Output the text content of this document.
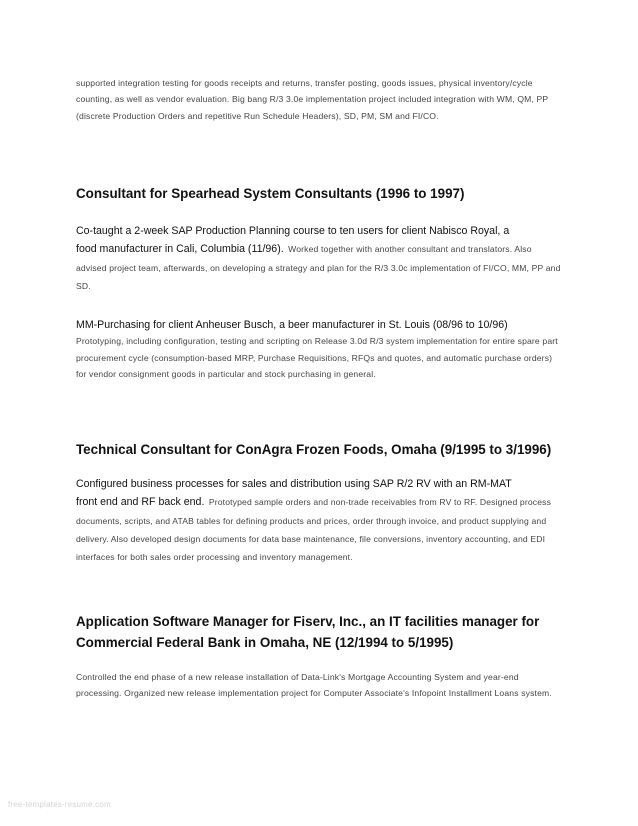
supported integration testing for goods receipts and returns, transfer posting, goods issues, physical inventory/cycle counting, as well as vendor evaluation. Big bang R/3 3.0e implementation project included integration with WM, QM, PP (discrete Production Orders and repetitive Run Schedule Headers), SD, PM, SM and FI/CO.

Consultant for Spearhead System Consultants (1996 to 1997)
Co-taught a 2-week SAP Production Planning course to ten users for client Nabisco Royal, a
food manufacturer in Cali, Columbia (11/96). Worked together with another consultant and translators. Also advised project team, afterwards, on developing a strategy and plan for the R/3 3.0c implementation of FI/CO, MM, PP and SD.
MM-Purchasing for client Anheuser Busch, a beer manufacturer in St. Louis (08/96 to 10/96)

Prototyping, including configuration, testing and scripting on Release 3.0d R/3 system implementation for entire spare part procurement cycle (consumption-based MRP, Purchase Requisitions, RFQs and quotes, and automatic purchase orders) for vendor consignment goods in particular and stock purchasing in general.

Technical Consultant for ConAgra Frozen Foods, Omaha (9/1995 to 3/1996)
Configured business processes for sales and distribution using SAP R/2 RV with an RM-MAT
front end and RF back end. Prototyped sample orders and non-trade receivables from RV to RF. Designed process documents, scripts, and ATAB tables for defining products and prices, order through invoice, and product supplying and delivery. Also developed design documents for data base maintenance, file conversions, inventory accounting, and EDI interfaces for both sales order processing and inventory management.
Application Software Manager for Fiserv, Inc., an IT facilities manager for Commercial Federal Bank in Omaha, NE (12/1994 to 5/1995)

Controlled the end phase of a new release installation of Data-Link's Mortgage Accounting System and year-end processing. Organized new release implementation project for Computer Associate's Infopoint Installment Loans system.

free-templates-resume.com
